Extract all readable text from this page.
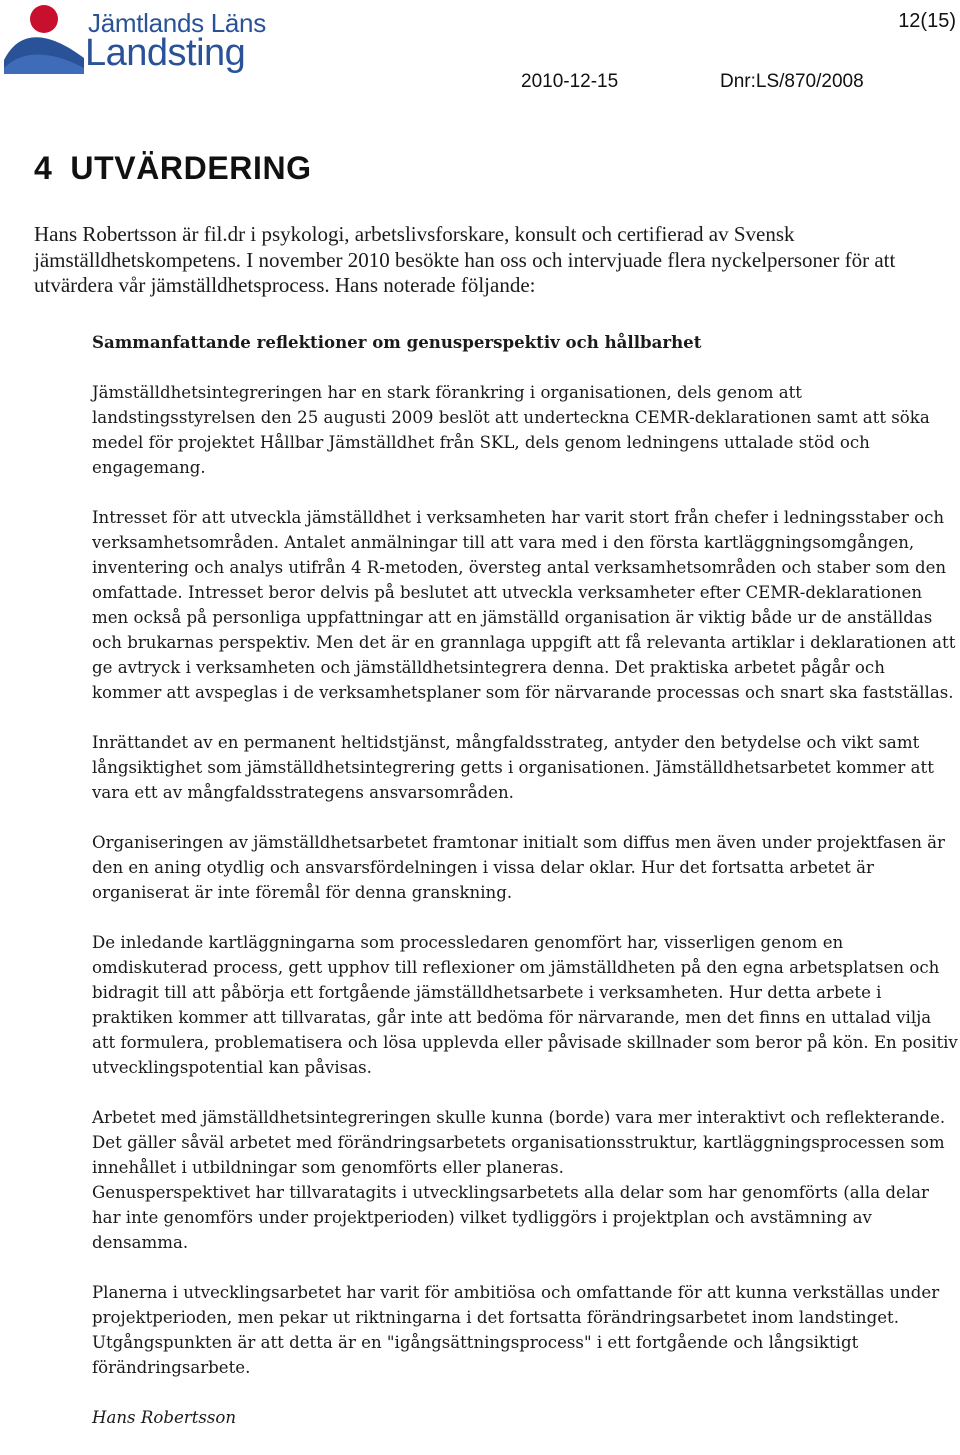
Jämtlands Läns

Landsting

12(15)
2010-12-15	Dnr:LS/870/2008
4 UTVÄRDERING

Hans Robertsson är fil.dr i psykologi, arbetslivsforskare, konsult och certifierad av Svensk jämställdhetskompetens. I november 2010 besökte han oss och intervjuade flera nyckelpersoner för att utvärdera vår jämställdhetsprocess. Hans noterade följande:

Sammanfattande reflektioner om genusperspektiv och hållbarhet

Jämställdhetsintegreringen har en stark förankring i organisationen, dels genom att landstingsstyrelsen den 25 augusti 2009 beslöt att underteckna CEMR-deklarationen samt att söka medel för projektet Hållbar Jämställdhet från SKL, dels genom ledningens uttalade stöd och engagemang.

Intresset för att utveckla jämställdhet i verksamheten har varit stort från chefer i ledningsstaber och verksamhetsområden. Antalet anmälningar till att vara med i den första kartläggningsomgången, inventering och analys utifrån 4 R-metoden, översteg antal verksamhetsområden och staber som den omfattade. Intresset beror delvis på beslutet att utveckla verksamheter efter CEMR-deklarationen men också på personliga uppfattningar att en jämställd organisation är viktig både ur de anställdas och brukarnas perspektiv. Men det är en grannlaga uppgift att få relevanta artiklar i deklarationen att ge avtryck i verksamheten och jämställdhetsintegrera denna. Det praktiska arbetet pågår och kommer att avspeglas i de verksamhetsplaner som för närvarande processas och snart ska fastställas.

Inrättandet av en permanent heltidstjänst, mångfaldsstrateg, antyder den betydelse och vikt samt långsiktighet som jämställdhetsintegrering getts i organisationen. Jämställdhetsarbetet kommer att vara ett av mångfaldsstrategens ansvarsområden.

Organiseringen av jämställdhetsarbetet framtonar initialt som diffus men även under projektfasen är den en aning otydlig och ansvarsfördelningen i vissa delar oklar. Hur det fortsatta arbetet är organiserat är inte föremål för denna granskning.

De inledande kartläggningarna som processledaren genomfört har, visserligen genom en omdiskuterad process, gett upphov till reflexioner om jämställdheten på den egna arbetsplatsen och bidragit till att påbörja ett fortgående jämställdhetsarbete i verksamheten. Hur detta arbete i praktiken kommer att tillvaratas, går inte att bedöma för närvarande, men det finns en uttalad vilja att formulera, problematisera och lösa upplevda eller påvisade skillnader som beror på kön. En positiv utvecklingspotential kan påvisas.

Arbetet med jämställdhetsintegreringen skulle kunna (borde) vara mer interaktivt och reflekterande. Det gäller såväl arbetet med förändringsarbetets organisationsstruktur, kartläggningsprocessen som innehållet i utbildningar som genomförts eller planeras.
Genusperspektivet har tillvaratagits i utvecklingsarbetets alla delar som har genomförts (alla delar har inte genomförs under projektperioden) vilket tydliggörs i projektplan och avstämning av densamma.

Planerna i utvecklingsarbetet har varit för ambitiösa och omfattande för att kunna verkställas under projektperioden, men pekar ut riktningarna i det fortsatta förändringsarbetet inom landstinget. Utgångspunkten är att detta är en "igångsättningsprocess" i ett fortgående och långsiktigt förändringsarbete.

Hans Robertsson
